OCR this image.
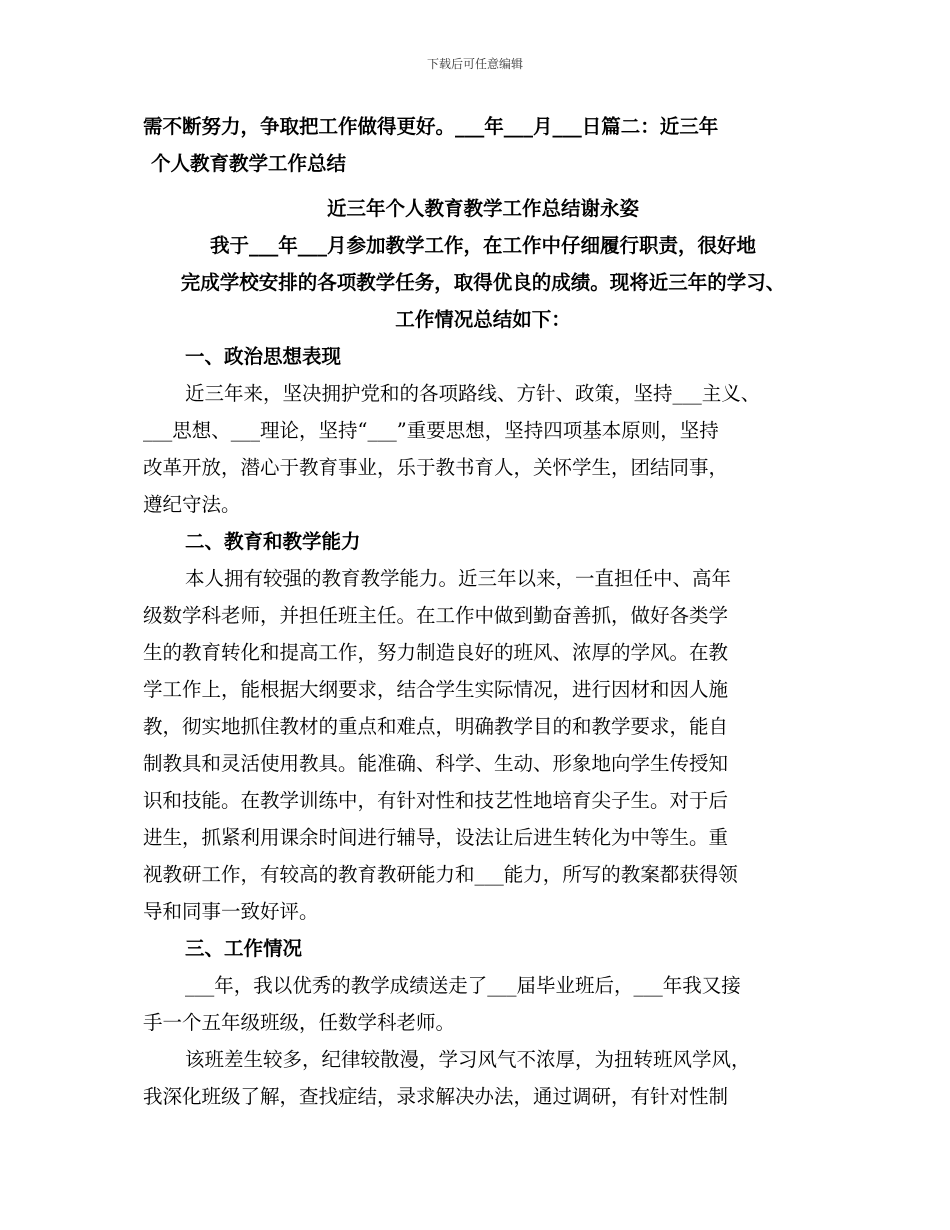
下载后可任意编辑
需不断努力，争取把工作做得更好。___年___月___日篇二：近三年
个人教育教学工作总结
近三年个人教育教学工作总结谢永姿
我于___年___月参加教学工作，在工作中仔细履行职责，很好地
完成学校安排的各项教学任务，取得优良的成绩。现将近三年的学习、
工作情况总结如下：
一、政治思想表现
近三年来，坚决拥护党和的各项路线、方针、政策，坚持___主义、
___思想、___理论，坚持“___”重要思想，坚持四项基本原则，坚持
改革开放，潜心于教育事业，乐于教书育人，关怀学生，团结同事，
遵纪守法。
二、教育和教学能力
本人拥有较强的教育教学能力。近三年以来，一直担任中、高年
级数学科老师，并担任班主任。在工作中做到勤奋善抓，做好各类学
生的教育转化和提高工作，努力制造良好的班风、浓厚的学风。在教
学工作上，能根据大纲要求，结合学生实际情况，进行因材和因人施
教，彻实地抓住教材的重点和难点，明确教学目的和教学要求，能自
制教具和灵活使用教具。能准确、科学、生动、形象地向学生传授知
识和技能。在教学训练中，有针对性和技艺性地培育尖子生。对于后
进生，抓紧利用课余时间进行辅导，设法让后进生转化为中等生。重
视教研工作，有较高的教育教研能力和___能力，所写的教案都获得领
导和同事一致好评。
三、工作情况
___年，我以优秀的教学成绩送走了___届毕业班后，___年我又接
手一个五年级班级，任数学科老师。
该班差生较多，纪律较散漫，学习风气不浓厚，为扭转班风学风，
我深化班级了解，查找症结，录求解决办法，通过调研，有针对性制
